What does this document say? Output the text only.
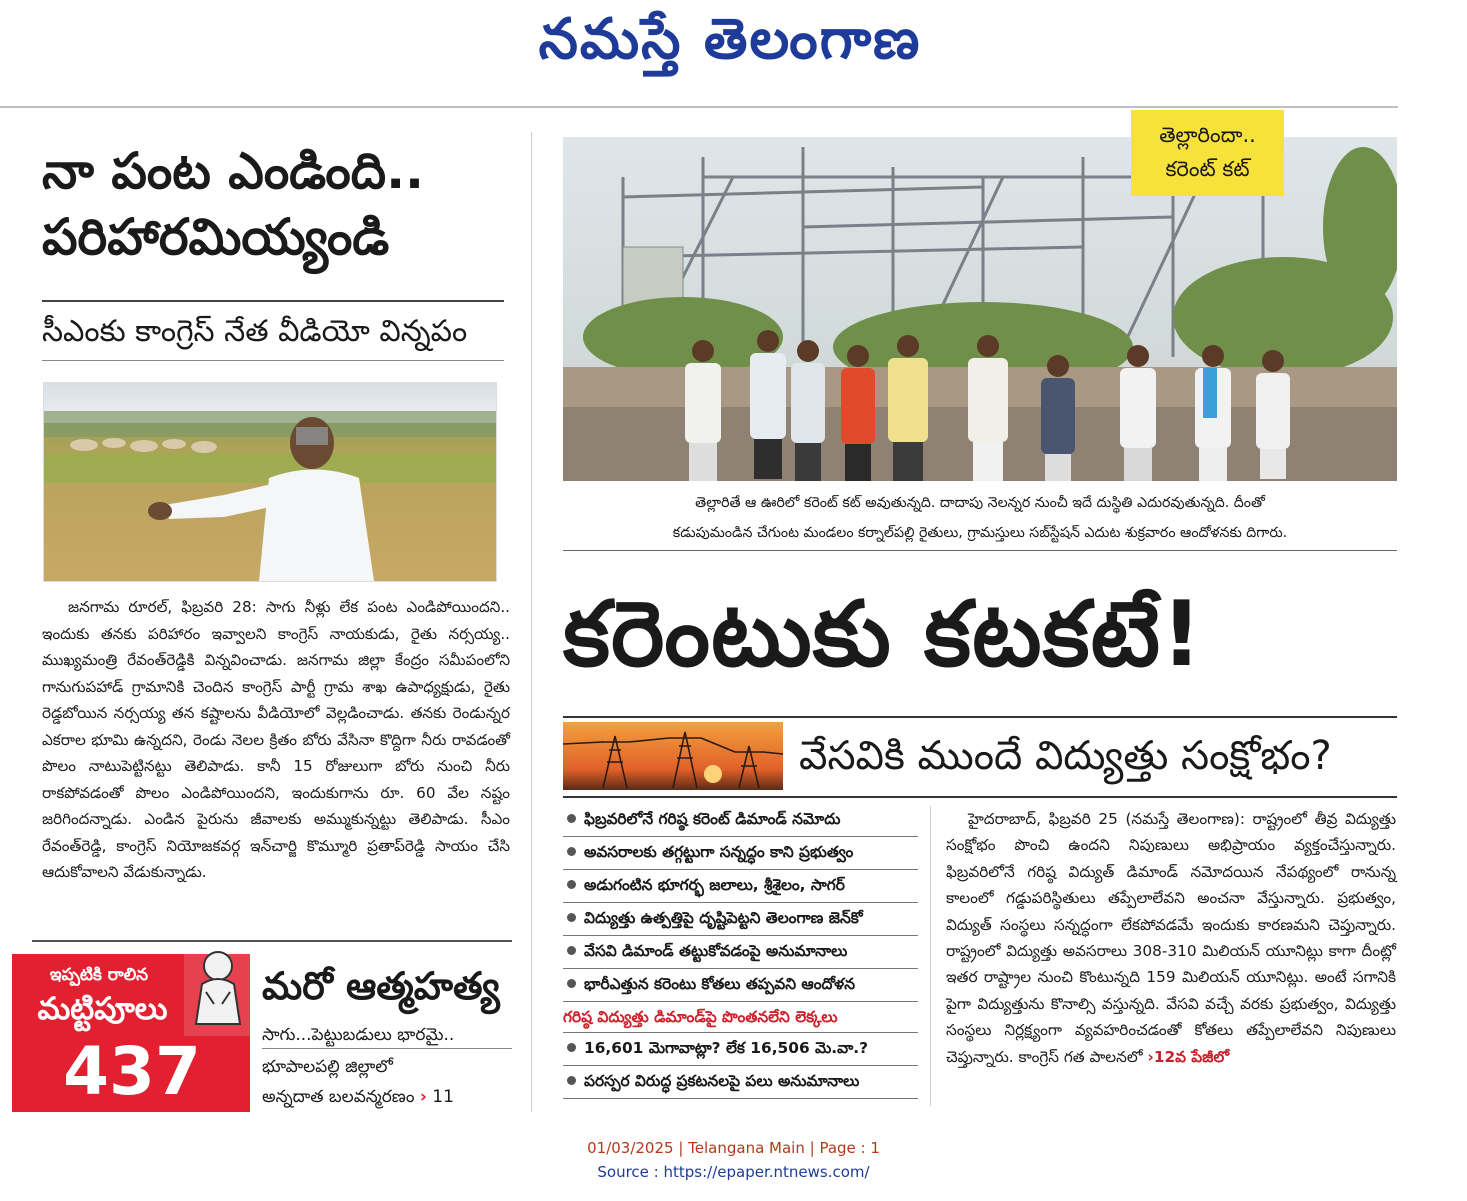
నమస్తే తెలంగాణ
నా పంట ఎండింది.. పరిహారమియ్యండి
సీఎంకు కాంగ్రెస్ నేత వీడియో విన్నపం

జనగామ రూరల్, ఫిబ్రవరి 28: సాగు నీళ్లు లేక పంట ఎండిపోయిందని.. ఇందుకు తనకు పరిహారం ఇవ్వాలని కాంగ్రెస్ నాయకుడు, రైతు నర్సయ్య.. ముఖ్యమంత్రి రేవంత్‌రెడ్డికి విన్నవించాడు. జనగామ జిల్లా కేంద్రం సమీపంలోని గానుగుపహాడ్ గ్రామానికి చెందిన కాంగ్రెస్ పార్టీ గ్రామ శాఖ ఉపాధ్యక్షుడు, రైతు రెడ్డబోయిన నర్సయ్య తన కష్టాలను వీడియోలో వెల్లడించాడు. తనకు రెండున్నర ఎకరాల భూమి ఉన్నదని, రెండు నెలల క్రితం బోరు వేసినా కొద్దిగా నీరు రావడంతో పొలం నాటుపెట్టినట్టు తెలిపాడు. కానీ 15 రోజులుగా బోరు నుంచి నీరు రాకపోవడంతో పొలం ఎండిపోయిందని, ఇందుకుగాను రూ. 60 వేల నష్టం జరిగిందన్నాడు. ఎండిన పైరును జీవాలకు అమ్ముకున్నట్టు తెలిపాడు. సీఎం రేవంత్‌రెడ్డి, కాంగ్రెస్ నియోజకవర్గ ఇన్‌చార్జి కొమ్మూరి ప్రతాప్‌రెడ్డి సాయం చేసి ఆదుకోవాలని వేడుకున్నాడు.

ఇప్పటికి రాలిన
మట్టిపూలు
437
మరో ఆత్మహత్య
సాగు...పెట్టుబడులు భారమై..
భూపాలపల్లి జిల్లాలో
అన్నదాత బలవన్మరణం › 11
తెల్లారిందా..
కరెంట్ కట్
తెల్లారితే ఆ ఊరిలో కరెంట్ కట్ అవుతున్నది. దాదాపు నెలన్నర నుంచీ ఇదే దుస్థితి ఎదురవుతున్నది. దీంతో
కడుపుమండిన చేగుంట మండలం కర్నాల్‌పల్లి రైతులు, గ్రామస్తులు సబ్‌స్టేషన్ ఎదుట శుక్రవారం ఆందోళనకు దిగారు.
కరెంటుకు కటకటే!
వేసవికి ముందే విద్యుత్తు సంక్షోభం?
ఫిబ్రవరిలోనే గరిష్ఠ కరెంట్ డిమాండ్ నమోదు
అవసరాలకు తగ్గట్టుగా సన్నద్ధం కాని ప్రభుత్వం
అడుగంటిన భూగర్భ జలాలు, శ్రీశైలం, సాగర్
విద్యుత్తు ఉత్పత్తిపై దృష్టిపెట్టని తెలంగాణ జెన్‌కో
వేసవి డిమాండ్ తట్టుకోవడంపై అనుమానాలు
భారీఎత్తున కరెంటు కోతలు తప్పవని ఆందోళన
గరిష్ఠ విద్యుత్తు డిమాండ్‌పై పొంతనలేని లెక్కలు
16,601 మెగావాట్లా? లేక 16,506 మె.వా.?
పరస్పర విరుద్ధ ప్రకటనలపై పలు అనుమానాలు

హైదరాబాద్, ఫిబ్రవరి 25 (నమస్తే తెలంగాణ): రాష్ట్రంలో తీవ్ర విద్యుత్తు సంక్షోభం పొంచి ఉందని నిపుణులు అభిప్రాయం వ్యక్తంచేస్తున్నారు. ఫిబ్రవరిలోనే గరిష్ఠ విద్యుత్ డిమాండ్ నమోదయిన నేపథ్యంలో రానున్న కాలంలో గడ్డుపరిస్థితులు తప్పేలాలేవని అంచనా వేస్తున్నారు. ప్రభుత్వం, విద్యుత్ సంస్థలు సన్నద్ధంగా లేకపోవడమే ఇందుకు కారణమని చెప్తున్నారు. రాష్ట్రంలో విద్యుత్తు అవసరాలు 308-310 మిలియన్ యూనిట్లు కాగా దీంట్లో ఇతర రాష్ట్రాల నుంచి కొంటున్నది 159 మిలియన్ యూనిట్లు. అంటే సగానికి పైగా విద్యుత్తును కొనాల్సి వస్తున్నది. వేసవి వచ్చే వరకు ప్రభుత్వం, విద్యుత్తు సంస్థలు నిర్లక్ష్యంగా వ్యవహరించడంతో కోతలు తప్పేలాలేవని నిపుణులు చెప్తున్నారు. కాంగ్రెస్ గత పాలనలో ›12వ పేజీలో

01/03/2025 | Telangana Main | Page : 1
Source : https://epaper.ntnews.com/
